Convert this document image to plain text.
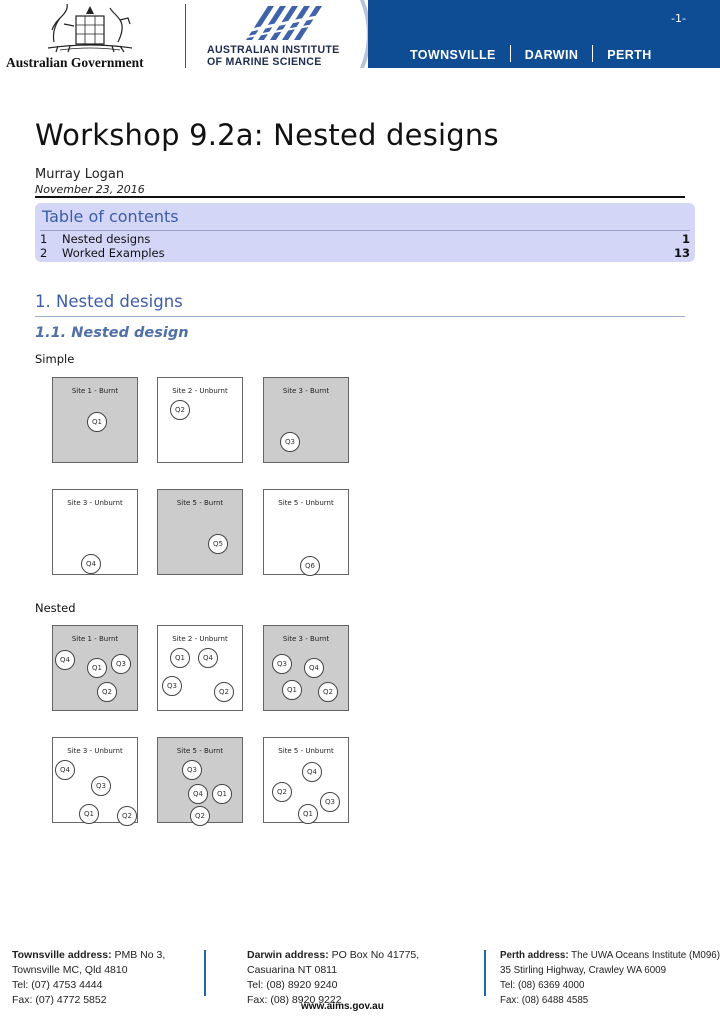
Australian Government
AUSTRALIAN INSTITUTE
OF MARINE SCIENCE
-1-
TOWNSVILLE DARWIN PERTH
Workshop 9.2a: Nested designs
Murray Logan
November 23, 2016
Table of contents
1 Nested designs	1
2 Worked Examples	13
1. Nested designs
1.1. Nested design
Simple
Nested
Site 1 - Burnt
Q1
Site 2 - Unburnt
Q2
Site 3 - Burnt
Q3
Site 3 - Unburnt
Q4
Site 5 - Burnt
Q5
Site 5 - Unburnt
Q6
Site 1 - Burnt
Q4
Q1	Q3
Q2
Site 2 - Unburnt
Q1	Q4
Q3
Q2
Site 3 - Burnt
Q3	Q4
Q1	Q2
Site 3 - Unburnt
Q4
Q3
Q1	Q2
Site 5 - Burnt
Q3
Q4	Q1
Q2
Site 5 - Unburnt
Q4
Q2
Q3
Q1
Townsville address: PMB No 3,
Townsville MC, Qld 4810
Tel: (07) 4753 4444
Fax: (07) 4772 5852
Darwin address: PO Box No 41775,
Casuarina NT 0811
Tel: (08) 8920 9240
Fax: (08) 8920 9222
Perth address: The UWA Oceans Institute (M096)
35 Stirling Highway, Crawley WA 6009
Tel: (08) 6369 4000
Fax: (08) 6488 4585
www.aims.gov.au
